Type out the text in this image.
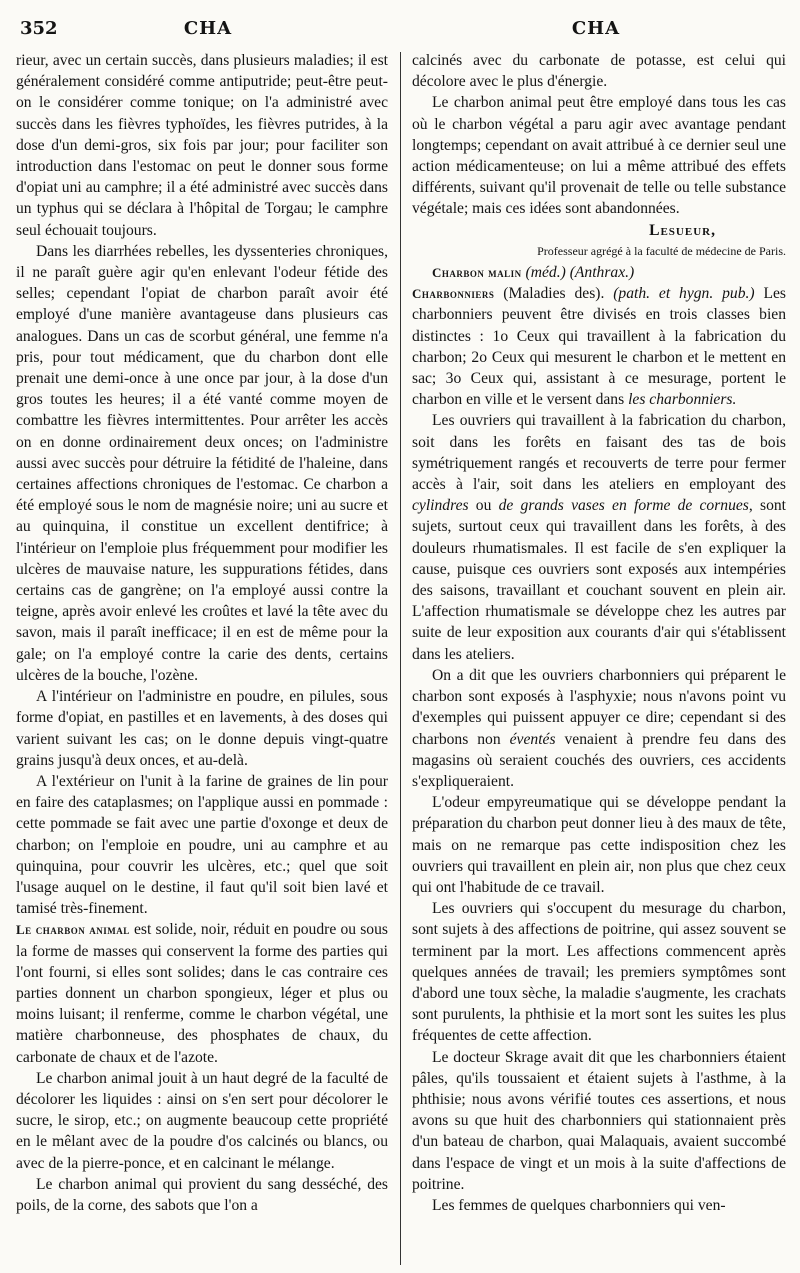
352	CHA	CHA

rieur, avec un certain succès, dans plusieurs maladies; il est généralement considéré comme antiputride; peut-être peut-on le considérer comme tonique; on l'a administré avec succès dans les fièvres typhoïdes, les fièvres putrides, à la dose d'un demi-gros, six fois par jour; pour faciliter son introduction dans l'estomac on peut le donner sous forme d'opiat uni au camphre; il a été administré avec succès dans un typhus qui se déclara à l'hôpital de Torgau; le camphre seul échouait toujours.

Dans les diarrhées rebelles, les dyssenteries chroniques, il ne paraît guère agir qu'en enlevant l'odeur fétide des selles; cependant l'opiat de charbon paraît avoir été employé d'une manière avantageuse dans plusieurs cas analogues. Dans un cas de scorbut général, une femme n'a pris, pour tout médicament, que du charbon dont elle prenait une demi-once à une once par jour, à la dose d'un gros toutes les heures; il a été vanté comme moyen de combattre les fièvres intermittentes. Pour arrêter les accès on en donne ordinairement deux onces; on l'administre aussi avec succès pour détruire la fétidité de l'haleine, dans certaines affections chroniques de l'estomac. Ce charbon a été employé sous le nom de magnésie noire; uni au sucre et au quinquina, il constitue un excellent dentifrice; à l'intérieur on l'emploie plus fréquemment pour modifier les ulcères de mauvaise nature, les suppurations fétides, dans certains cas de gangrène; on l'a employé aussi contre la teigne, après avoir enlevé les croûtes et lavé la tête avec du savon, mais il paraît inefficace; il en est de même pour la gale; on l'a employé contre la carie des dents, certains ulcères de la bouche, l'ozène.

A l'intérieur on l'administre en poudre, en pilules, sous forme d'opiat, en pastilles et en lavements, à des doses qui varient suivant les cas; on le donne depuis vingt-quatre grains jusqu'à deux onces, et au-delà.

A l'extérieur on l'unit à la farine de graines de lin pour en faire des cataplasmes; on l'applique aussi en pommade : cette pommade se fait avec une partie d'oxonge et deux de charbon; on l'emploie en poudre, uni au camphre et au quinquina, pour couvrir les ulcères, etc.; quel que soit l'usage auquel on le destine, il faut qu'il soit bien lavé et tamisé très-finement.

Le charbon animal est solide, noir, réduit en poudre ou sous la forme de masses qui conservent la forme des parties qui l'ont fourni, si elles sont solides; dans le cas contraire ces parties donnent un charbon spongieux, léger et plus ou moins luisant; il renferme, comme le charbon végétal, une matière charbonneuse, des phosphates de chaux, du carbonate de chaux et de l'azote.

Le charbon animal jouit à un haut degré de la faculté de décolorer les liquides : ainsi on s'en sert pour décolorer le sucre, le sirop, etc.; on augmente beaucoup cette propriété en le mêlant avec de la poudre d'os calcinés ou blancs, ou avec de la pierre-ponce, et en calcinant le mélange.

Le charbon animal qui provient du sang desséché, des poils, de la corne, des sabots que l'on a

calcinés avec du carbonate de potasse, est celui qui décolore avec le plus d'énergie.

Le charbon animal peut être employé dans tous les cas où le charbon végétal a paru agir avec avantage pendant longtemps; cependant on avait attribué à ce dernier seul une action médicamenteuse; on lui a même attribué des effets différents, suivant qu'il provenait de telle ou telle substance végétale; mais ces idées sont abandonnées.

Lesueur,

Professeur agrégé à la faculté de médecine de Paris.

Charbon malin (méd.) (Anthrax.)

Charbonniers (Maladies des). (path. et hygn. pub.) Les charbonniers peuvent être divisés en trois classes bien distinctes : 1o Ceux qui travaillent à la fabrication du charbon; 2o Ceux qui mesurent le charbon et le mettent en sac; 3o Ceux qui, assistant à ce mesurage, portent le charbon en ville et le versent dans les charbonniers.

Les ouvriers qui travaillent à la fabrication du charbon, soit dans les forêts en faisant des tas de bois symétriquement rangés et recouverts de terre pour fermer accès à l'air, soit dans les ateliers en employant des cylindres ou de grands vases en forme de cornues, sont sujets, surtout ceux qui travaillent dans les forêts, à des douleurs rhumatismales. Il est facile de s'en expliquer la cause, puisque ces ouvriers sont exposés aux intempéries des saisons, travaillant et couchant souvent en plein air. L'affection rhumatismale se développe chez les autres par suite de leur exposition aux courants d'air qui s'établissent dans les ateliers.

On a dit que les ouvriers charbonniers qui préparent le charbon sont exposés à l'asphyxie; nous n'avons point vu d'exemples qui puissent appuyer ce dire; cependant si des charbons non éventés venaient à prendre feu dans des magasins où seraient couchés des ouvriers, ces accidents s'expliqueraient.

L'odeur empyreumatique qui se développe pendant la préparation du charbon peut donner lieu à des maux de tête, mais on ne remarque pas cette indisposition chez les ouvriers qui travaillent en plein air, non plus que chez ceux qui ont l'habitude de ce travail.

Les ouvriers qui s'occupent du mesurage du charbon, sont sujets à des affections de poitrine, qui assez souvent se terminent par la mort. Les affections commencent après quelques années de travail; les premiers symptômes sont d'abord une toux sèche, la maladie s'augmente, les crachats sont purulents, la phthisie et la mort sont les suites les plus fréquentes de cette affection.

Le docteur Skrage avait dit que les charbonniers étaient pâles, qu'ils toussaient et étaient sujets à l'asthme, à la phthisie; nous avons vérifié toutes ces assertions, et nous avons su que huit des charbonniers qui stationnaient près d'un bateau de charbon, quai Malaquais, avaient succombé dans l'espace de vingt et un mois à la suite d'affections de poitrine.

Les femmes de quelques charbonniers qui ven-
